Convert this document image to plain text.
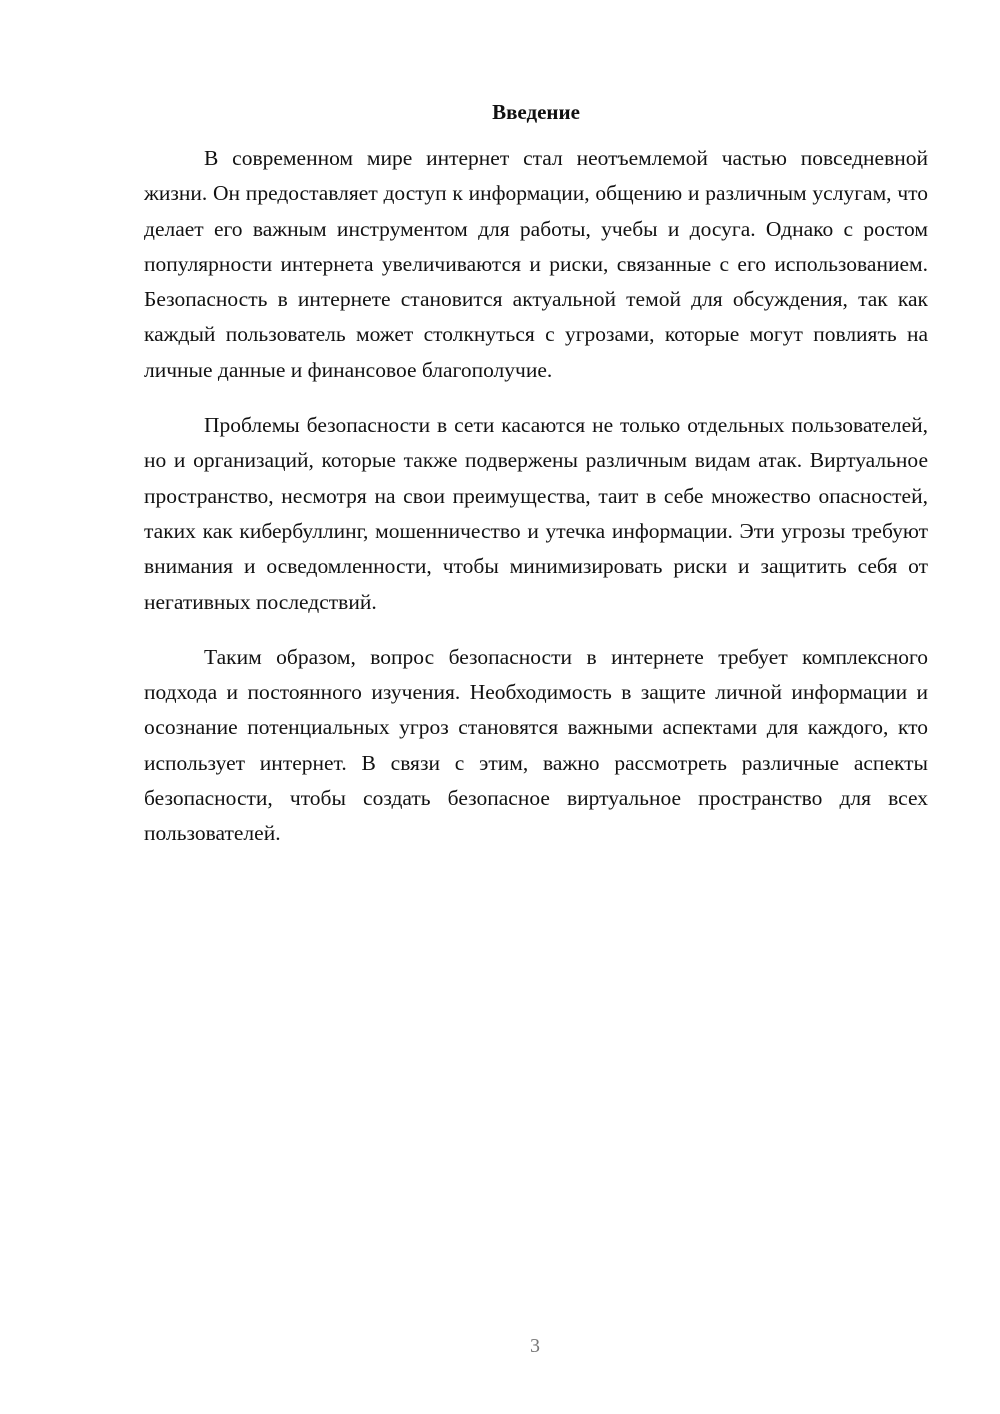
Введение

В современном мире интернет стал неотъемлемой частью повседневной жизни. Он предоставляет доступ к информации, общению и различным услугам, что делает его важным инструментом для работы, учебы и досуга. Однако с ростом популярности интернета увеличиваются и риски, связанные с его использованием. Безопасность в интернете становится актуальной темой для обсуждения, так как каждый пользователь может столкнуться с угрозами, которые могут повлиять на личные данные и финансовое благополучие.

Проблемы безопасности в сети касаются не только отдельных пользователей, но и организаций, которые также подвержены различным видам атак. Виртуальное пространство, несмотря на свои преимущества, таит в себе множество опасностей, таких как кибербуллинг, мошенничество и утечка информации. Эти угрозы требуют внимания и осведомленности, чтобы минимизировать риски и защитить себя от негативных последствий.

Таким образом, вопрос безопасности в интернете требует комплексного подхода и постоянного изучения. Необходимость в защите личной информации и осознание потенциальных угроз становятся важными аспектами для каждого, кто использует интернет. В связи с этим, важно рассмотреть различные аспекты безопасности, чтобы создать безопасное виртуальное пространство для всех пользователей.

3
